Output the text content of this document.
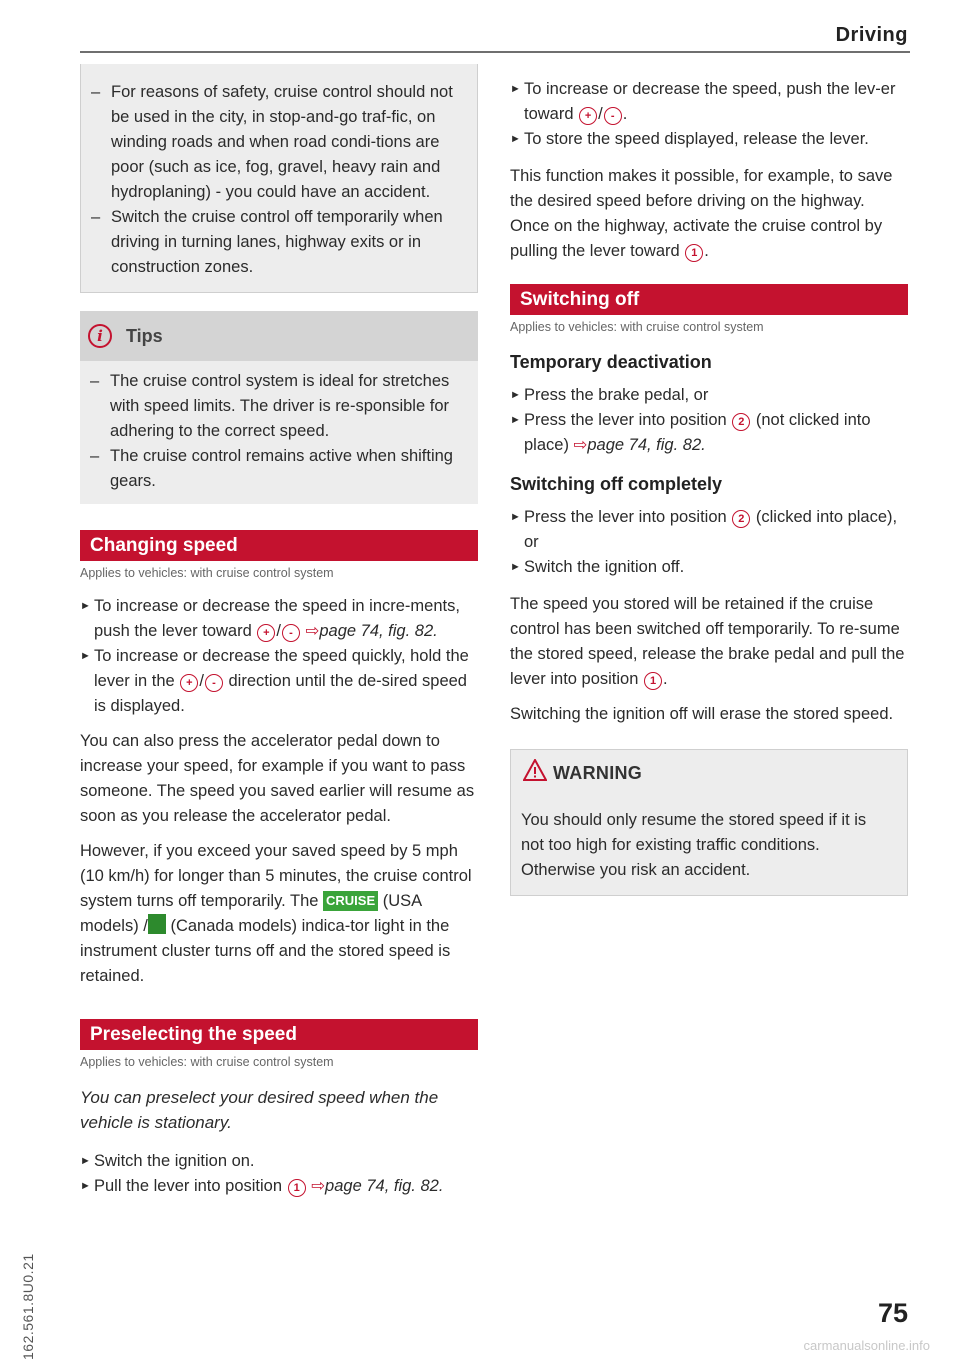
Driving

– For reasons of safety, cruise control should not be used in the city, in stop-and-go traf-fic, on winding roads and when road condi-tions are poor (such as ice, fog, gravel, heavy rain and hydroplaning) - you could have an accident.

– Switch the cruise control off temporarily when driving in turning lanes, highway exits or in construction zones.

i	Tips

– The cruise control system is ideal for stretches with speed limits. The driver is re-sponsible for adhering to the correct speed.

– The cruise control remains active when shifting gears.

Changing speed
Applies to vehicles: with cruise control system

► To increase or decrease the speed in incre-ments, push the lever toward + / - ⇨page 74, fig. 82.

► To increase or decrease the speed quickly, hold the lever in the + / - direction until the de-sired speed is displayed.

You can also press the accelerator pedal down to increase your speed, for example if you want to pass someone. The speed you saved earlier will resume as soon as you release the accelerator pedal.

However, if you exceed your saved speed by 5 mph (10 km/h) for longer than 5 minutes, the cruise control system turns off temporarily. The CRUISE (USA models) / (Canada models) indica-tor light in the instrument cluster turns off and the stored speed is retained.

Preselecting the speed
Applies to vehicles: with cruise control system

You can preselect your desired speed when the vehicle is stationary.

► Switch the ignition on.

► Pull the lever into position 1 ⇨page 74, fig. 82.

► To increase or decrease the speed, push the lev-er toward + / - .

► To store the speed displayed, release the lever.

This function makes it possible, for example, to save the desired speed before driving on the highway. Once on the highway, activate the cruise control by pulling the lever toward 1 .

Switching off
Applies to vehicles: with cruise control system
Temporary deactivation

► Press the brake pedal, or

► Press the lever into position 2 (not clicked into place) ⇨page 74, fig. 82.

Switching off completely

► Press the lever into position 2 (clicked into place), or

► Switch the ignition off.

The speed you stored will be retained if the cruise control has been switched off temporarily. To re-sume the stored speed, release the brake pedal and pull the lever into position 1 .

Switching the ignition off will erase the stored speed.

WARNING
You should only resume the stored speed if it is not too high for existing traffic conditions. Otherwise you risk an accident.
75
162.561.8U0.21	carmanualsonline.info
